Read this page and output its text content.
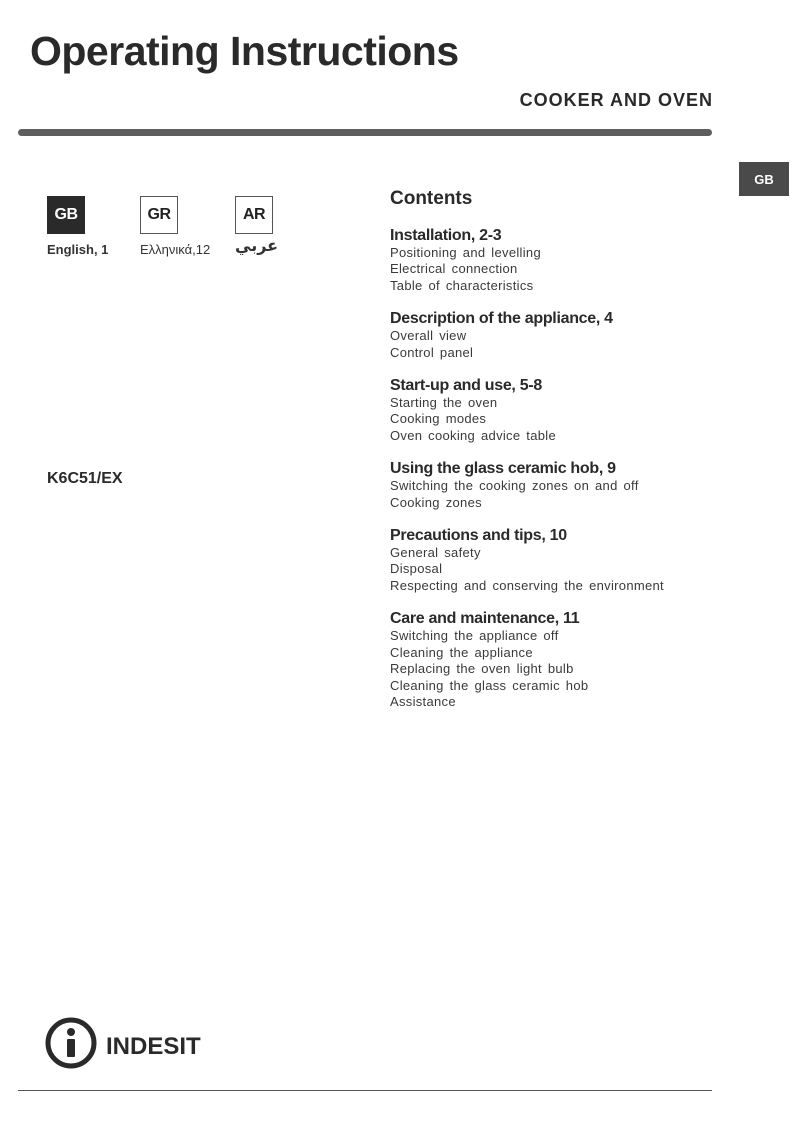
Operating Instructions
COOKER AND OVEN
GB
GB
English, 1
GR
Ελληνικά,12
AR
عربي
K6C51/EX
Contents
Installation, 2-3
Positioning and levelling
Electrical connection
Table of characteristics
Description of the appliance, 4
Overall view
Control panel
Start-up and use, 5-8
Starting the oven
Cooking modes
Oven cooking advice table
Using the glass ceramic hob, 9
Switching the cooking zones on and off
Cooking zones
Precautions and tips, 10
General safety
Disposal
Respecting and conserving the environment
Care and maintenance, 11
Switching the appliance off
Cleaning the appliance
Replacing the oven light bulb
Cleaning the glass ceramic hob
Assistance
indesit
